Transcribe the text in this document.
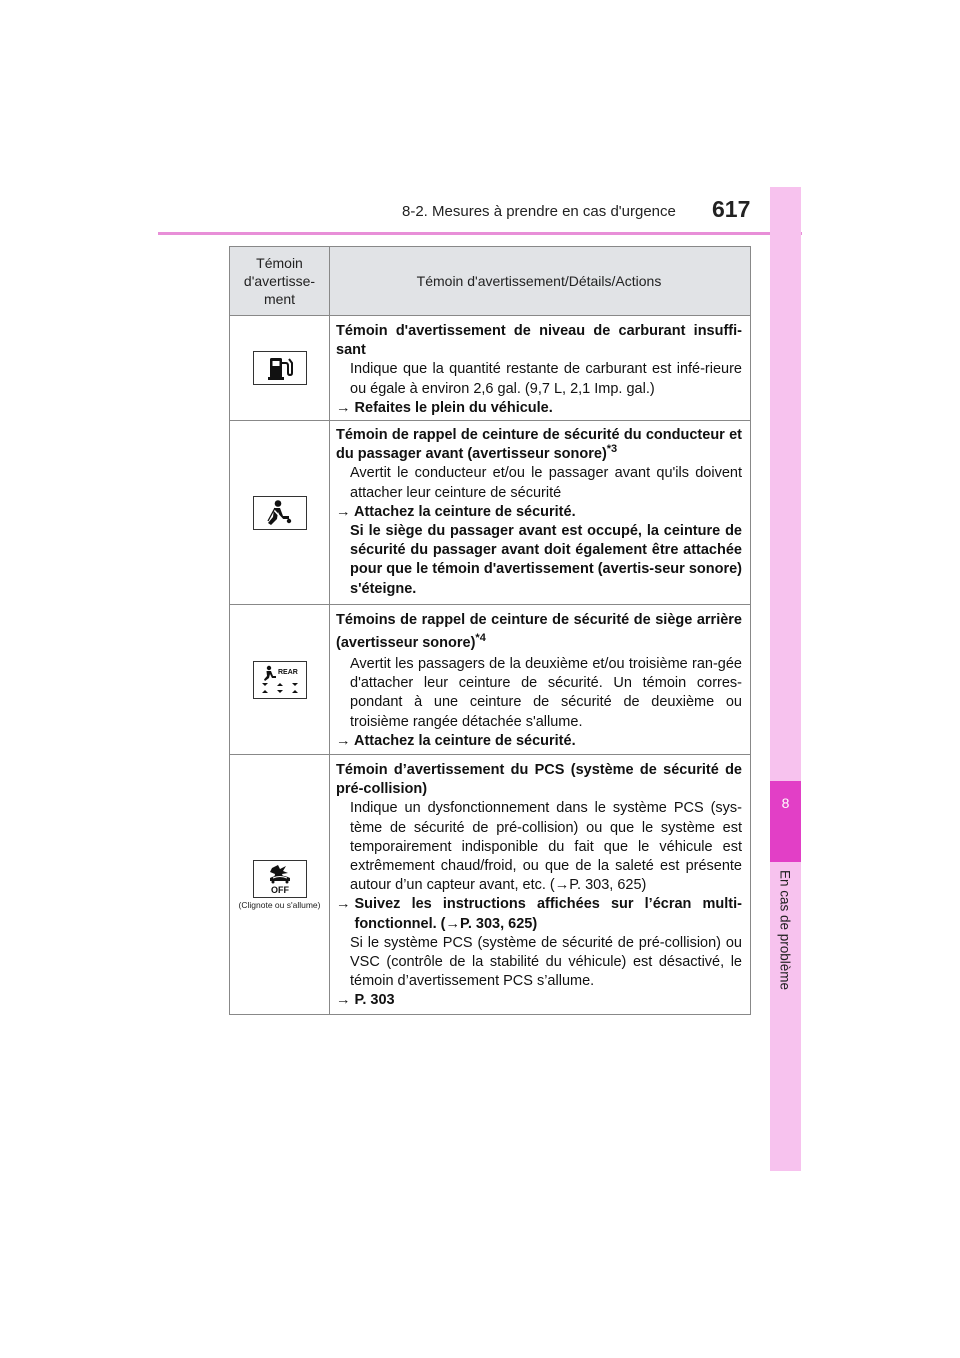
8-2. Mesures à prendre en cas d'urgence 617
8
En cas de problème
Témoin
d'avertisse-
ment
Témoin d'avertissement/Détails/Actions
Témoin d'avertissement de niveau de carburant insuffi-sant
Indique que la quantité restante de carburant est infé-rieure ou égale à environ 2,6 gal. (9,7 L, 2,1 Imp. gal.)
→ Refaites le plein du véhicule.
Témoin de rappel de ceinture de sécurité du conducteur et du passager avant (avertisseur sonore)$^{*3}$
Avertit le conducteur et/ou le passager avant qu'ils doivent attacher leur ceinture de sécurité
→ Attachez la ceinture de sécurité.
Si le siège du passager avant est occupé, la ceinture de sécurité du passager avant doit également être attachée pour que le témoin d'avertissement (avertis-seur sonore) s'éteigne.
REAR
Témoins de rappel de ceinture de sécurité de siège arrière (avertisseur sonore)$^{*4}$
Avertit les passagers de la deuxième et/ou troisième ran-gée d'attacher leur ceinture de sécurité. Un témoin corres-pondant à une ceinture de sécurité de deuxième ou troisième rangée détachée s'allume.
→ Attachez la ceinture de sécurité.
OFF
(Clignote ou s'allume)
Témoin d’avertissement du PCS (système de sécurité de pré-collision)
Indique un dysfonctionnement dans le système PCS (sys-tème de sécurité de pré-collision) ou que le système est temporairement indisponible du fait que le véhicule est extrêmement chaud/froid, ou que de la saleté est présente autour d’un capteur avant, etc. (→P. 303, 625)
→ Suivez les instructions affichées sur l’écran multi-fonctionnel. (→P. 303, 625)
Si le système PCS (système de sécurité de pré-collision) ou VSC (contrôle de la stabilité du véhicule) est désactivé, le témoin d’avertissement PCS s’allume.
→ P. 303
